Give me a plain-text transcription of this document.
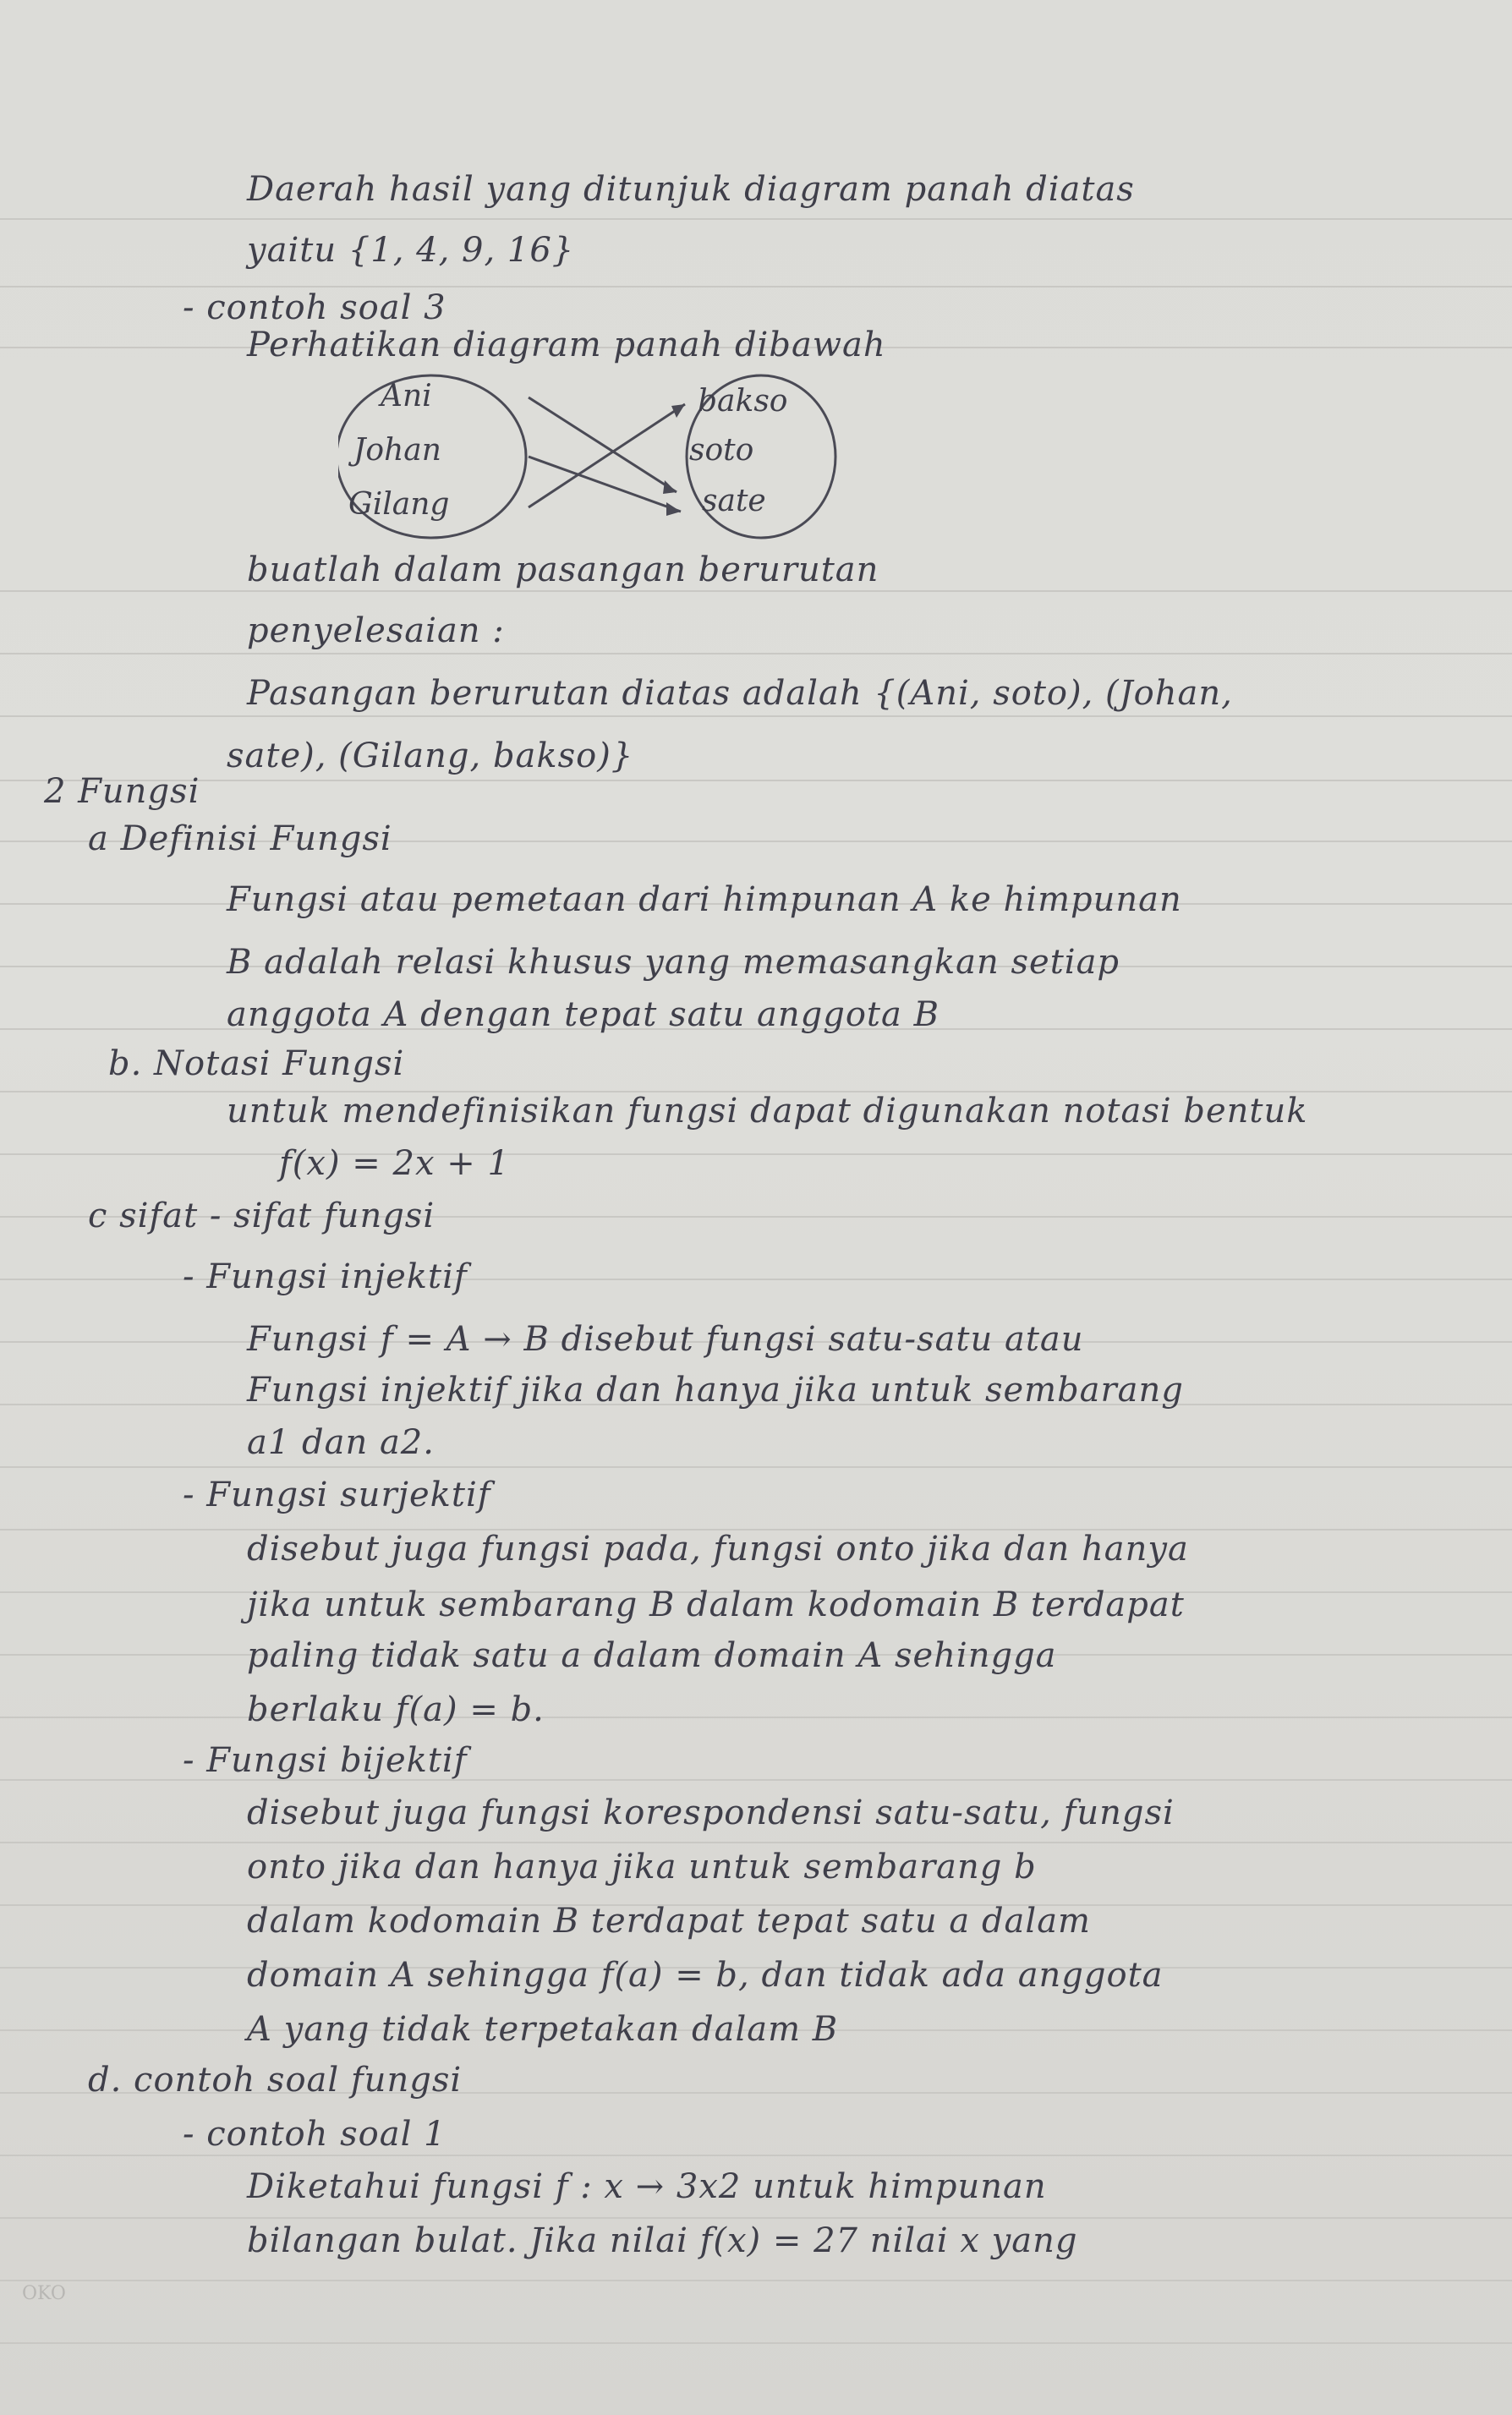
Daerah hasil yang ditunjuk diagram panah diatas
yaitu {1, 4, 9, 16}
- contoh soal 3
Perhatikan diagram panah dibawah
Ani
Johan
Gilang
bakso
soto
sate
buatlah dalam pasangan berurutan
penyelesaian :
Pasangan berurutan diatas adalah {(Ani, soto), (Johan,
sate), (Gilang, bakso)}
2 Fungsi
a Definisi Fungsi
Fungsi atau pemetaan dari himpunan A ke himpunan
B adalah relasi khusus yang memasangkan setiap
anggota A dengan tepat satu anggota B
b. Notasi Fungsi
untuk mendefinisikan fungsi dapat digunakan notasi bentuk
f(x) = 2x + 1
c sifat - sifat fungsi
- Fungsi injektif
Fungsi f = A → B disebut fungsi satu-satu atau
Fungsi injektif jika dan hanya jika untuk sembarang
a1 dan a2.
- Fungsi surjektif
disebut juga fungsi pada, fungsi onto jika dan hanya
jika untuk sembarang B dalam kodomain B terdapat
paling tidak satu a dalam domain A sehingga
berlaku f(a) = b.
- Fungsi bijektif
disebut juga fungsi korespondensi satu-satu, fungsi
onto jika dan hanya jika untuk sembarang b
dalam kodomain B terdapat tepat satu a dalam
domain A sehingga f(a) = b, dan tidak ada anggota
A yang tidak terpetakan dalam B
d. contoh soal fungsi
- contoh soal 1
Diketahui fungsi f : x → 3x2 untuk himpunan
bilangan bulat. Jika nilai f(x) = 27 nilai x yang
OKO
